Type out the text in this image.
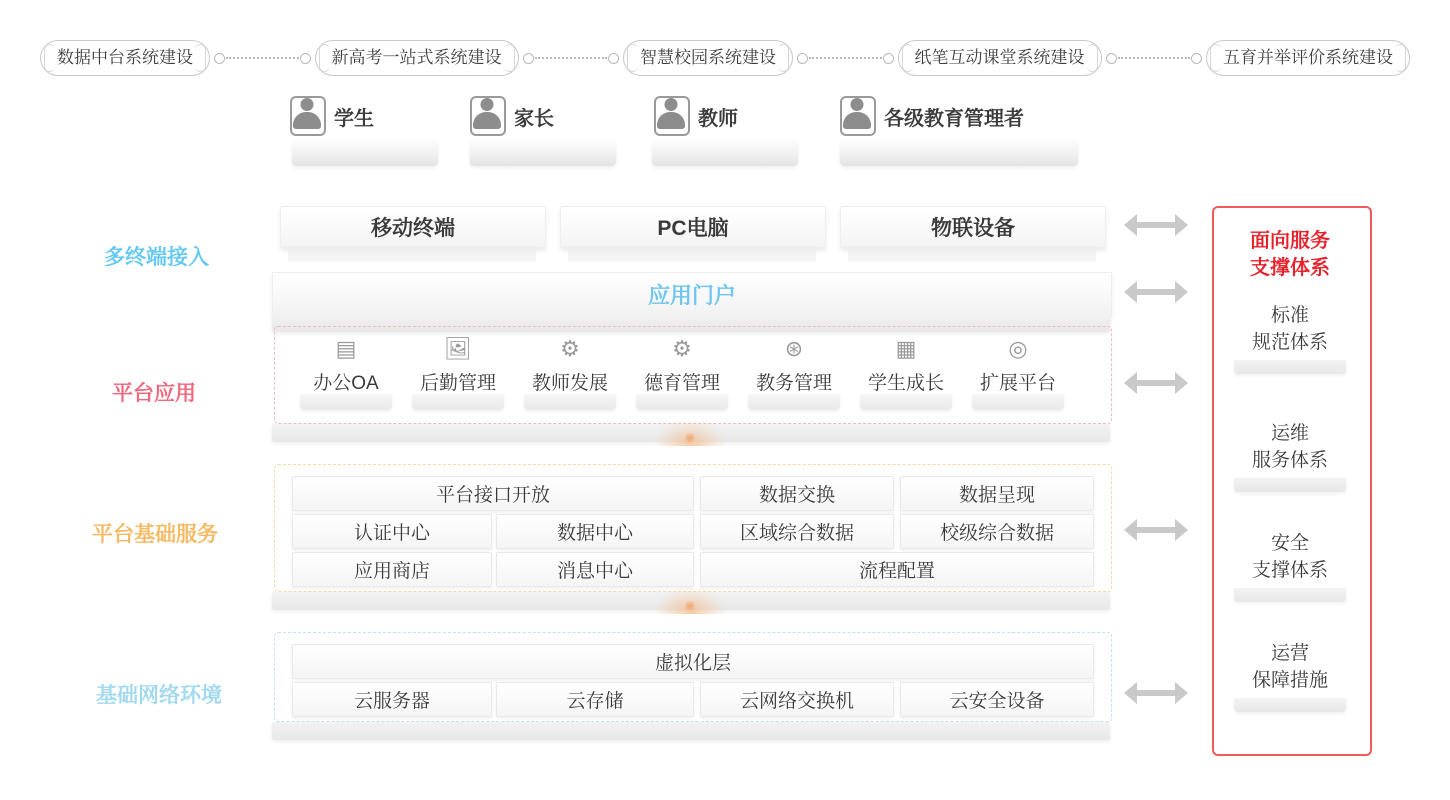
数据中台系统建设	新高考一站式系统建设	智慧校园系统建设	纸笔互动课堂系统建设	五育并举评价系统建设
学生	家长	教师	各级教育管理者
多终端接入
平台应用
平台基础服务
基础网络环境
移动终端	PC电脑	物联设备
应用门户
▤
办公OA
🖼
后勤管理
⚙
教师发展
⚙
德育管理
⊛
教务管理
▦
学生成长
◎
扩展平台
平台接口开放	数据交换	数据呈现
认证中心	数据中心	区域综合数据	校级综合数据
应用商店	消息中心	流程配置
虚拟化层
云服务器	云存储	云网络交换机	云安全设备
面向服务
支撑体系
标准
规范体系
运维
服务体系
安全
支撑体系
运营
保障措施
